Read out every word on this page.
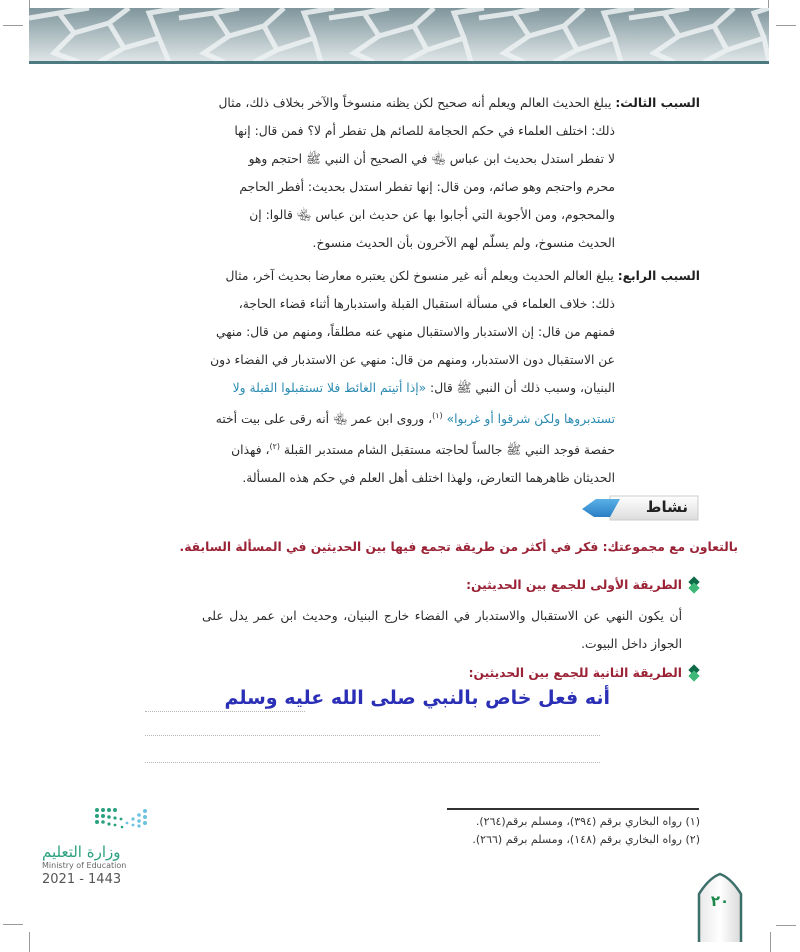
السبب الثالث: يبلغ الحديث العالم ويعلم أنه صحيح لكن يظنه منسوخاً والآخر بخلاف ذلك، مثال

ذلك: اختلف العلماء في حكم الحجامة للصائم هل تفطر أم لا؟ فمن قال: إنها

لا تفطر استدل بحديث ابن عباس ﵄ في الصحيح أن النبي ﷺ احتجم وهو

محرم واحتجم وهو صائم، ومن قال: إنها تفطر استدل بحديث: أفطر الحاجم

والمحجوم، ومن الأجوبة التي أجابوا بها عن حديث ابن عباس ﵄ قالوا: إن

الحديث منسوخ، ولم يسلّم لهم الآخرون بأن الحديث منسوخ.

السبب الرابع: يبلغ العالم الحديث ويعلم أنه غير منسوخ لكن يعتبره معارضا بحديث آخر، مثال

ذلك: خلاف العلماء في مسألة استقبال القبلة واستدبارها أثناء قضاء الحاجة،

فمنهم من قال: إن الاستدبار والاستقبال منهي عنه مطلقاً، ومنهم من قال: منهي

عن الاستقبال دون الاستدبار، ومنهم من قال: منهي عن الاستدبار في الفضاء دون

البنيان، وسبب ذلك أن النبي ﷺ قال: «إذا أتيتم الغائط فلا تستقبلوا القبلة ولا

تستدبروها ولكن شرقوا أو غربوا» $^{(١)}$، وروى ابن عمر ﵄ أنه رقى على بيت أخته

حفصة فوجد النبي ﷺ جالساً لحاجته مستقبل الشام مستدبر القبلة $^{(٢)}$، فهذان

الحديثان ظاهرهما التعارض، ولهذا اختلف أهل العلم في حكم هذه المسألة.

نشاط
بالتعاون مع مجموعتك: فكر في أكثر من طريقة تجمع فيها بين الحديثين في المسألة السابقة.
الطريقة الأولى للجمع بين الحديثين:
أن يكون النهي عن الاستقبال والاستدبار في الفضاء خارج البنيان، وحديث ابن عمر يدل على الجواز داخل البيوت.
الطريقة الثانية للجمع بين الحديثين:
أنه فعل خاص بالنبي صلى الله عليه وسلم
(١) رواه البخاري برقم (٣٩٤)، ومسلم برقم(٢٦٤).
(٢) رواه البخاري برقم (١٤٨)، ومسلم برقم (٢٦٦).
وزارة التعليم
Ministry of Education
2021 - 1443
٢٠
